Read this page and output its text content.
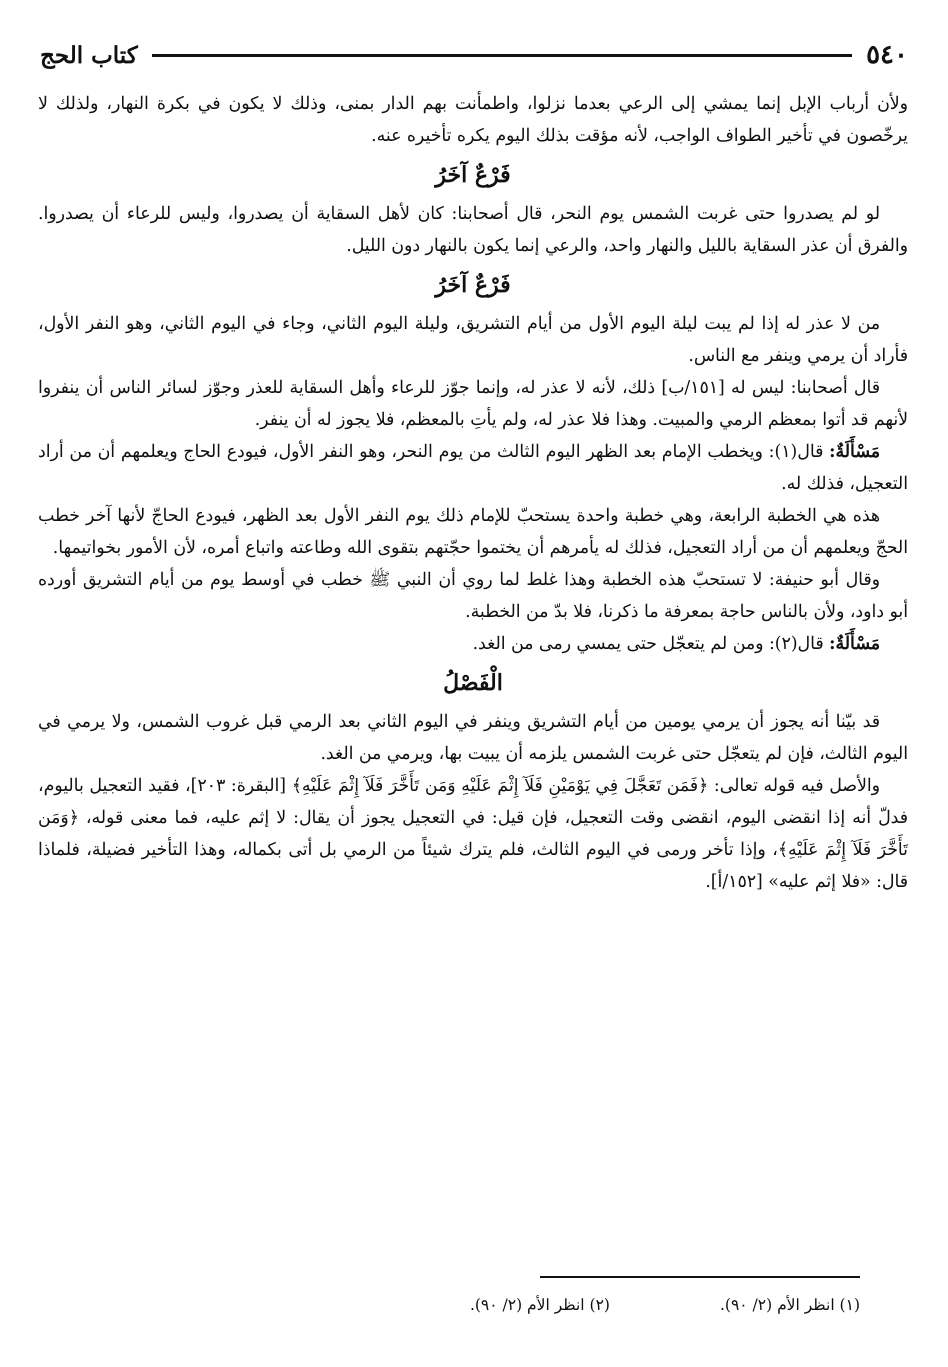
٥٤٠
كتاب الحج

ولأن أرباب الإبل إنما يمشي إلى الرعي بعدما نزلوا، واطمأنت بهم الدار بمنى، وذلك لا يكون في بكرة النهار، ولذلك لا يرخّصون في تأخير الطواف الواجب، لأنه مؤقت بذلك اليوم يكره تأخيره عنه.

فَرْعٌ آخَرُ

لو لم يصدروا حتى غربت الشمس يوم النحر، قال أصحابنا: كان لأهل السقاية أن يصدروا، وليس للرعاء أن يصدروا. والفرق أن عذر السقاية بالليل والنهار واحد، والرعي إنما يكون بالنهار دون الليل.

فَرْعٌ آخَرُ

من لا عذر له إذا لم يبت ليلة اليوم الأول من أيام التشريق، وليلة اليوم الثاني، وجاء في اليوم الثاني، وهو النفر الأول، فأراد أن يرمي وينفر مع الناس.

قال أصحابنا: ليس له [١٥١/ب] ذلك، لأنه لا عذر له، وإنما جوّز للرعاء وأهل السقاية للعذر وجوّز لسائر الناس أن ينفروا لأنهم قد أتوا بمعظم الرمي والمبيت. وهذا فلا عذر له، ولم يأتِ بالمعظم، فلا يجوز له أن ينفر.

مَسْأَلَةٌ: قال(١): ويخطب الإمام بعد الظهر اليوم الثالث من يوم النحر، وهو النفر الأول، فيودع الحاج ويعلمهم أن من أراد التعجيل، فذلك له.

هذه هي الخطبة الرابعة، وهي خطبة واحدة يستحبّ للإمام ذلك يوم النفر الأول بعد الظهر، فيودع الحاجّ لأنها آخر خطب الحجّ ويعلمهم أن من أراد التعجيل، فذلك له يأمرهم أن يختموا حجّتهم بتقوى الله وطاعته واتباع أمره، لأن الأمور بخواتيمها.

وقال أبو حنيفة: لا تستحبّ هذه الخطبة وهذا غلط لما روي أن النبي ﷺ خطب في أوسط يوم من أيام التشريق أورده أبو داود، ولأن بالناس حاجة بمعرفة ما ذكرنا، فلا بدّ من الخطبة.

مَسْأَلَةٌ: قال(٢): ومن لم يتعجّل حتى يمسي رمى من الغد.

الْفَصْلُ

قد بيّنا أنه يجوز أن يرمي يومين من أيام التشريق وينفر في اليوم الثاني بعد الرمي قبل غروب الشمس، ولا يرمي في اليوم الثالث، فإن لم يتعجّل حتى غربت الشمس يلزمه أن يبيت بها، ويرمي من الغد.

والأصل فيه قوله تعالى: ﴿فَمَن تَعَجَّلَ فِي يَوْمَيْنِ فَلَآ إِثْمَ عَلَيْهِ وَمَن تَأَخَّرَ فَلَآ إِثْمَ عَلَيْهِ﴾ [البقرة: ٢٠٣]، فقيد التعجيل باليوم، فدلّ أنه إذا انقضى اليوم، انقضى وقت التعجيل، فإن قيل: في التعجيل يجوز أن يقال: لا إثم عليه، فما معنى قوله، ﴿وَمَن تَأَخَّرَ فَلَآ إِثْمَ عَلَيْهِ﴾، وإذا تأخر ورمى في اليوم الثالث، فلم يترك شيئاً من الرمي بل أتى بكماله، وهذا التأخير فضيلة، فلماذا قال: «فلا إثم عليه» [١٥٢/أ].

(١) انظر الأم (٢/ ٩٠).
(٢) انظر الأم (٢/ ٩٠).
